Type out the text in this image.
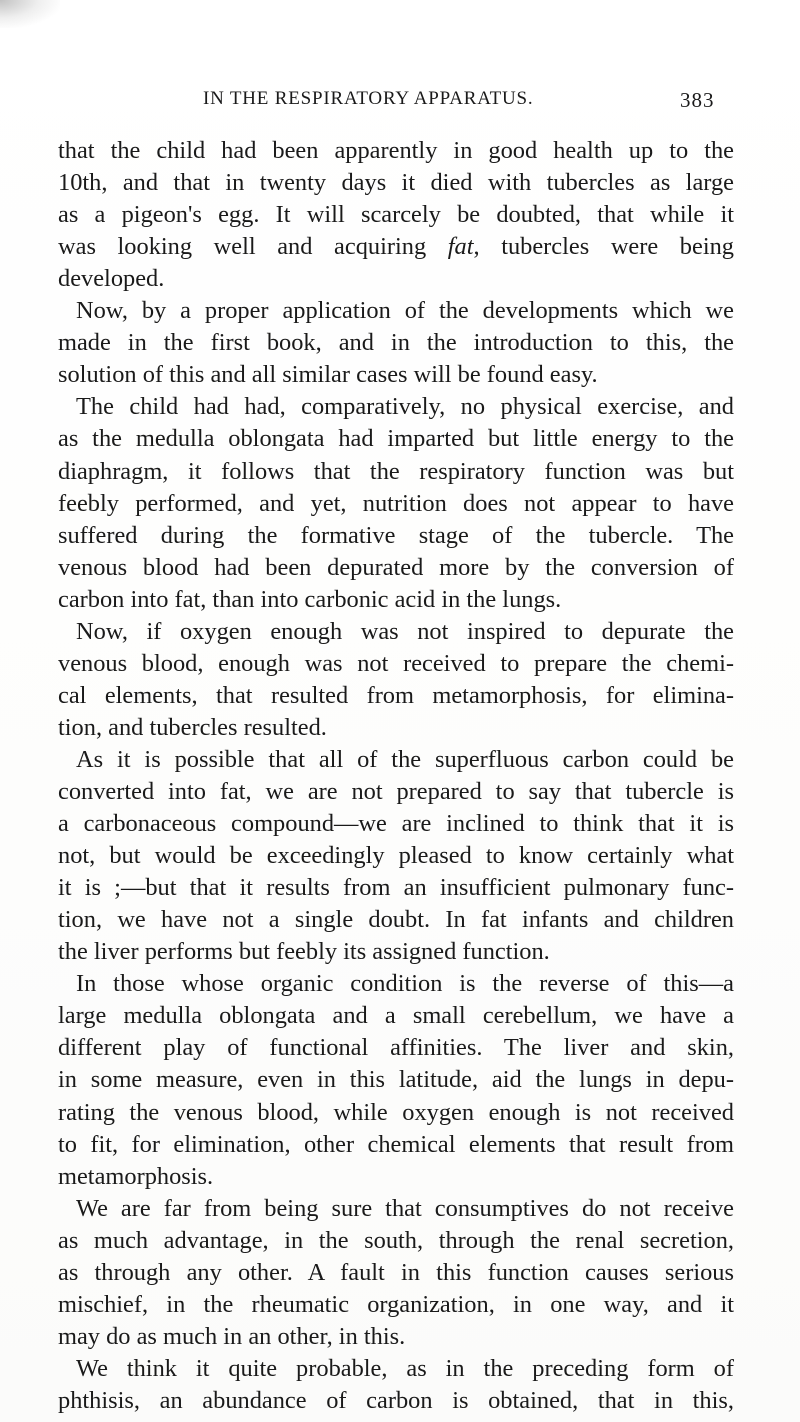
IN THE RESPIRATORY APPARATUS.	383
that the child had been apparently in good health up to the
10th, and that in twenty days it died with tubercles as large
as a pigeon's egg. It will scarcely be doubted, that while it
was looking well and acquiring fat, tubercles were being
developed.
Now, by a proper application of the developments which we
made in the first book, and in the introduction to this, the
solution of this and all similar cases will be found easy.
The child had had, comparatively, no physical exercise, and
as the medulla oblongata had imparted but little energy to the
diaphragm, it follows that the respiratory function was but
feebly performed, and yet, nutrition does not appear to have
suffered during the formative stage of the tubercle. The
venous blood had been depurated more by the conversion of
carbon into fat, than into carbonic acid in the lungs.
Now, if oxygen enough was not inspired to depurate the
venous blood, enough was not received to prepare the chemi-
cal elements, that resulted from metamorphosis, for elimina-
tion, and tubercles resulted.
As it is possible that all of the superfluous carbon could be
converted into fat, we are not prepared to say that tubercle is
a carbonaceous compound—we are inclined to think that it is
not, but would be exceedingly pleased to know certainly what
it is ;—but that it results from an insufficient pulmonary func-
tion, we have not a single doubt. In fat infants and children
the liver performs but feebly its assigned function.
In those whose organic condition is the reverse of this—a
large medulla oblongata and a small cerebellum, we have a
different play of functional affinities. The liver and skin,
in some measure, even in this latitude, aid the lungs in depu-
rating the venous blood, while oxygen enough is not received
to fit, for elimination, other chemical elements that result from
metamorphosis.
We are far from being sure that consumptives do not receive
as much advantage, in the south, through the renal secretion,
as through any other. A fault in this function causes serious
mischief, in the rheumatic organization, in one way, and it
may do as much in an other, in this.
We think it quite probable, as in the preceding form of
phthisis, an abundance of carbon is obtained, that in this,
